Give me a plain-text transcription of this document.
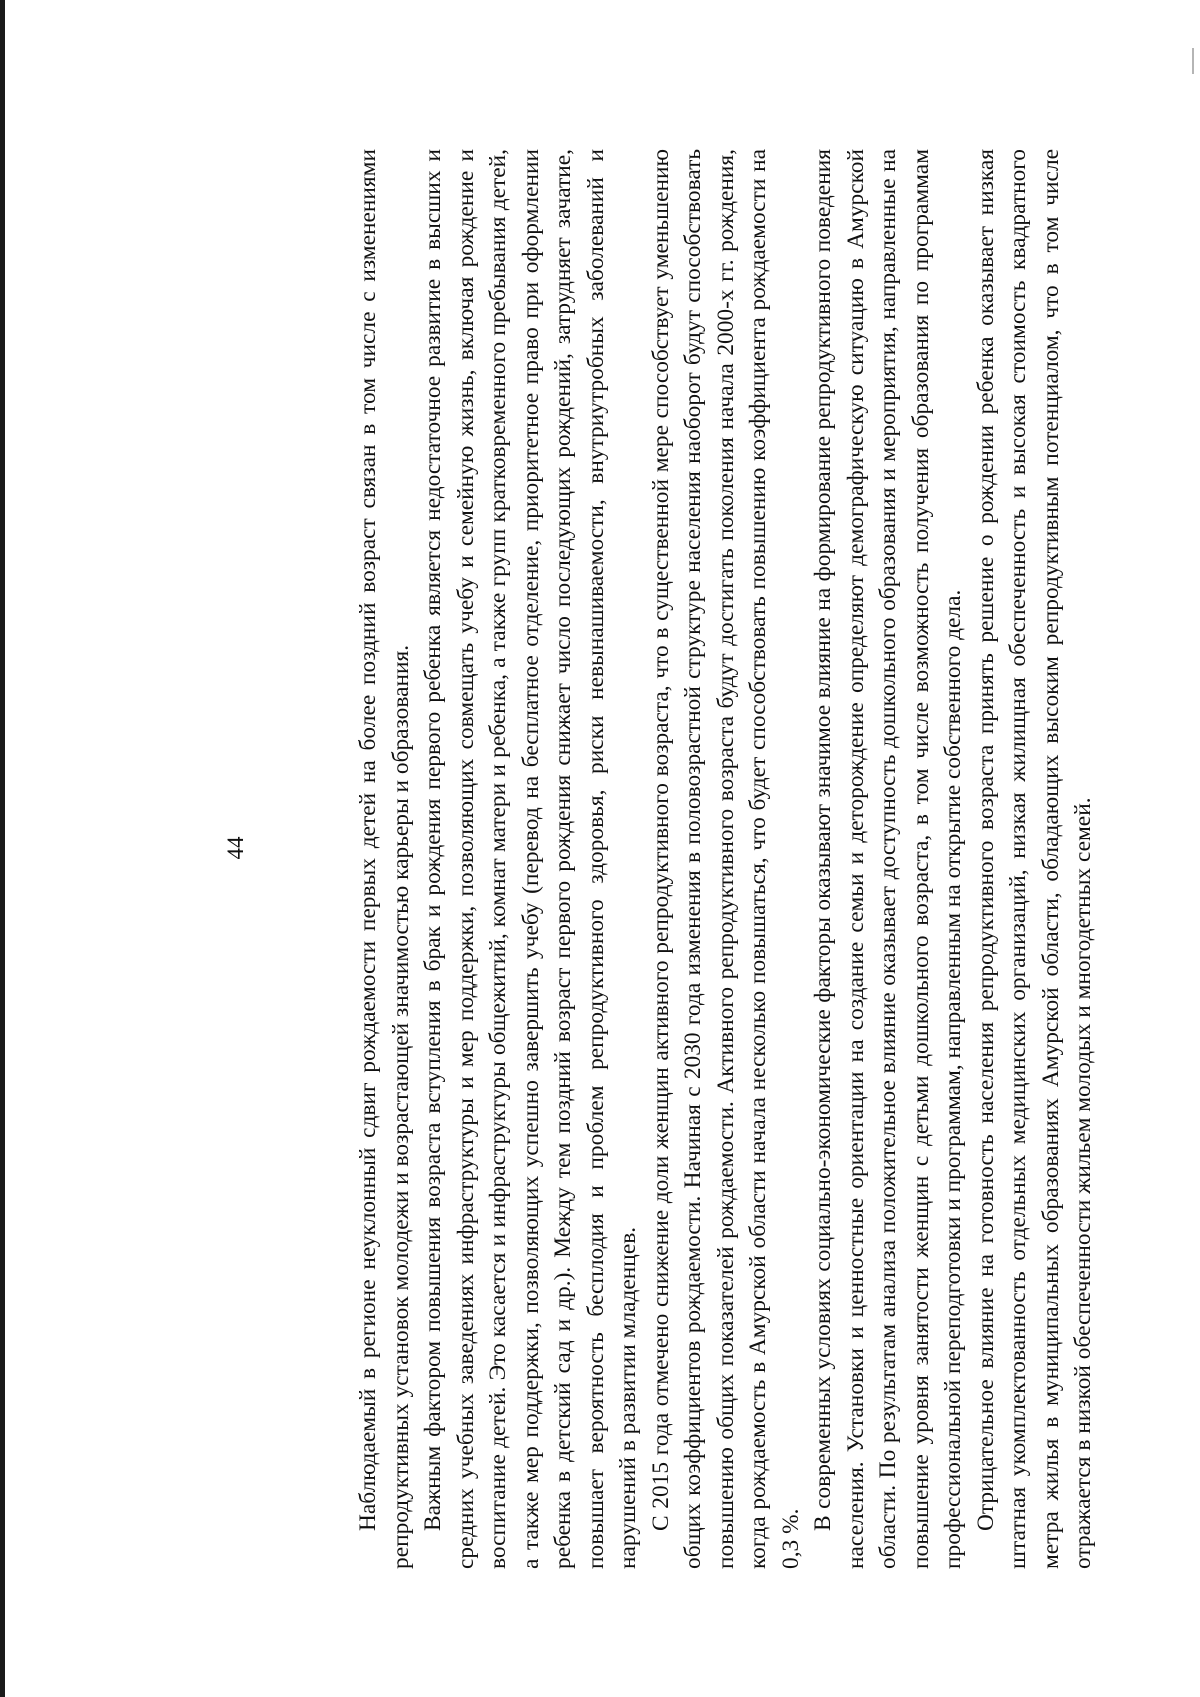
44	Наблюдаемый в регионе неуклонный сдвиг рождаемости первых детей на более поздний возраст связан в том числе с изменениями репродуктивных установок молодежи и возрастающей значимостью карьеры и образования. Важным фактором повышения возраста вступления в брак и рождения первого ребенка является недостаточное развитие в высших и средних учебных заведениях инфраструктуры и мер поддержки, позволяющих совмещать учебу и семейную жизнь, включая рождение и воспитание детей. Это касается и инфраструктуры общежитий, комнат матери и ребенка, а также групп кратковременного пребывания детей, а также мер поддержки, позволяющих успешно завершить учебу (перевод на бесплатное отделение, приоритетное право при оформлении ребенка в детский сад и др.). Между тем поздний возраст первого рождения снижает число последующих рождений, затрудняет зачатие, повышает вероятность бесплодия и проблем репродуктивного здоровья, риски невынашиваемости, внутриутробных заболеваний и нарушений в развитии младенцев. С 2015 года отмечено снижение доли женщин активного репродуктивного возраста, что в существенной мере способствует уменьшению общих коэффициентов рождаемости. Начиная с 2030 года изменения в половозрастной структуре населения наоборот будут способствовать повышению общих показателей рождаемости. Активного репродуктивного возраста будут достигать поколения начала 2000-х гг. рождения, когда рождаемость в Амурской области начала несколько повышаться, что будет способствовать повышению коэффициента рождаемости на 0,3 %.

В современных условиях социально-экономические факторы оказывают значимое влияние на формирование репродуктивного поведения населения. Установки и ценностные ориентации на создание семьи и деторождение определяют демографическую ситуацию в Амурской области. По результатам анализа положительное влияние оказывает доступность дошкольного образования и мероприятия, направленные на повышение уровня занятости женщин с детьми дошкольного возраста, в том числе возможность получения образования по программам профессиональной переподготовки и программам, направленным на открытие собственного дела. Отрицательное влияние на готовность населения репродуктивного возраста принять решение о рождении ребенка оказывает низкая штатная укомплектованность отдельных медицинских организаций, низкая жилищная обеспеченность и высокая стоимость квадратного метра жилья в муниципальных образованиях Амурской области, обладающих высоким репродуктивным потенциалом, что в том числе отражается в низкой обеспеченности жильем молодых и многодетных семей.
